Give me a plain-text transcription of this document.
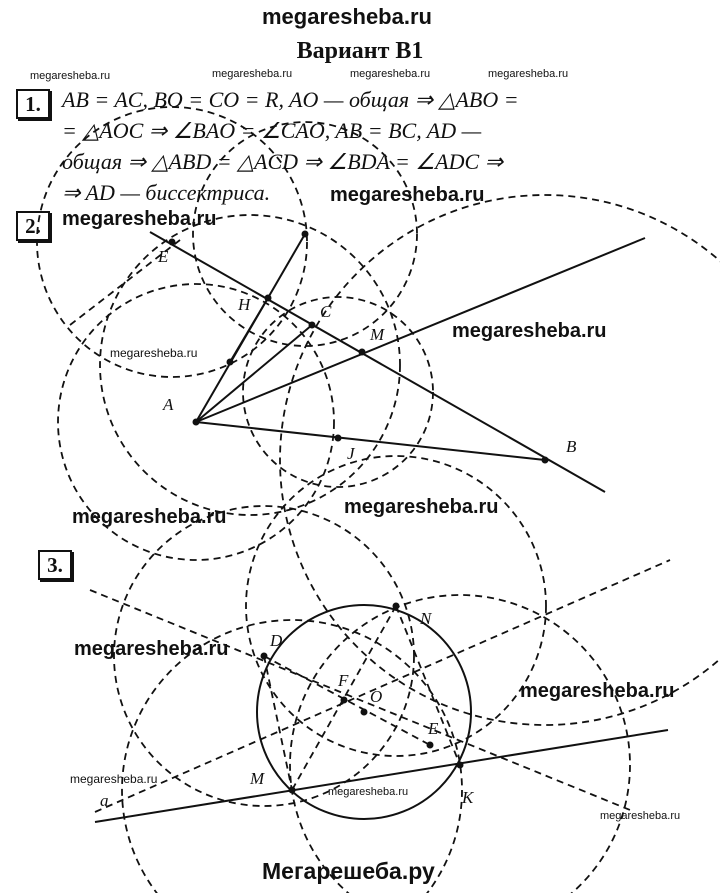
megaresheba.ru
Вариант В1
megaresheba.ru	megaresheba.ru	megaresheba.ru	megaresheba.ru
1. AB = AC, BO = CO = R, AO — общая ⇒ △ABO =
= △AOC ⇒ ∠BAO = ∠CAO, AB = BC, AD —
общая ⇒ △ABD = △ACD ⇒ ∠BDA = ∠ADC ⇒
⇒ AD — биссектриса.
2.
megaresheba.ru
megaresheba.ru
megaresheba.ru
megaresheba.ru
E
H	C
M
A
J	B
megaresheba.ru	megaresheba.ru
3.
megaresheba.ru
megaresheba.ru
megaresheba.ru
megaresheba.ru
megaresheba.ru
D
N
F
O
E
M
K
a
Мегарешеба.ру
